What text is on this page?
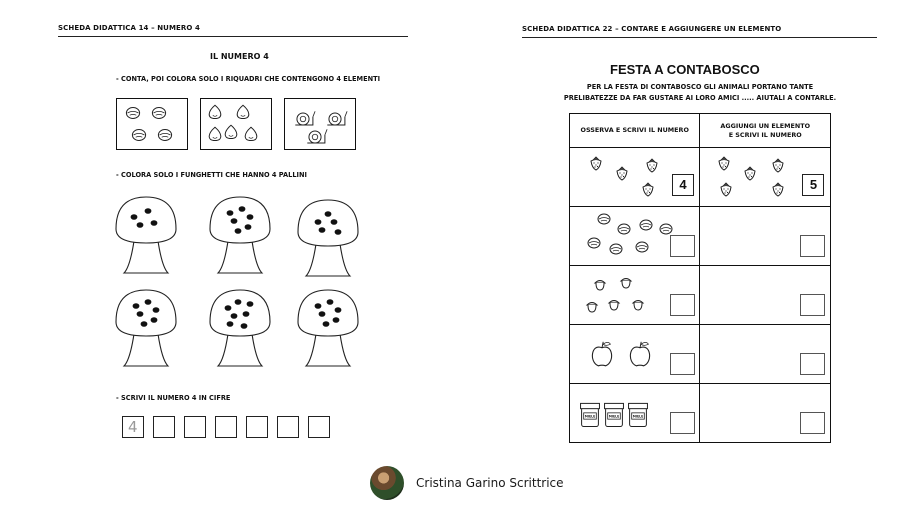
SCHEDA DIDATTICA 14 – NUMERO 4
IL NUMERO 4
- CONTA, POI COLORA SOLO I RIQUADRI CHE CONTENGONO 4 ELEMENTI
- COLORA SOLO I FUNGHETTI CHE HANNO 4 PALLINI
- SCRIVI IL NUMERO 4 IN CIFRE
4
SCHEDA DIDATTICA 22 – CONTARE E AGGIUNGERE UN ELEMENTO
FESTA A CONTABOSCO
PER LA FESTA DI CONTABOSCO GLI ANIMALI PORTANO TANTE
PRELIBATEZZE DA FAR GUSTARE AI LORO AMICI ..... AIUTALI A CONTARLE.
OSSERVA E SCRIVI IL NUMERO	AGGIUNGI UN ELEMENTO
E SCRIVI IL NUMERO

4	5

MIELE MIELE MIELE

Cristina Garino Scrittrice
